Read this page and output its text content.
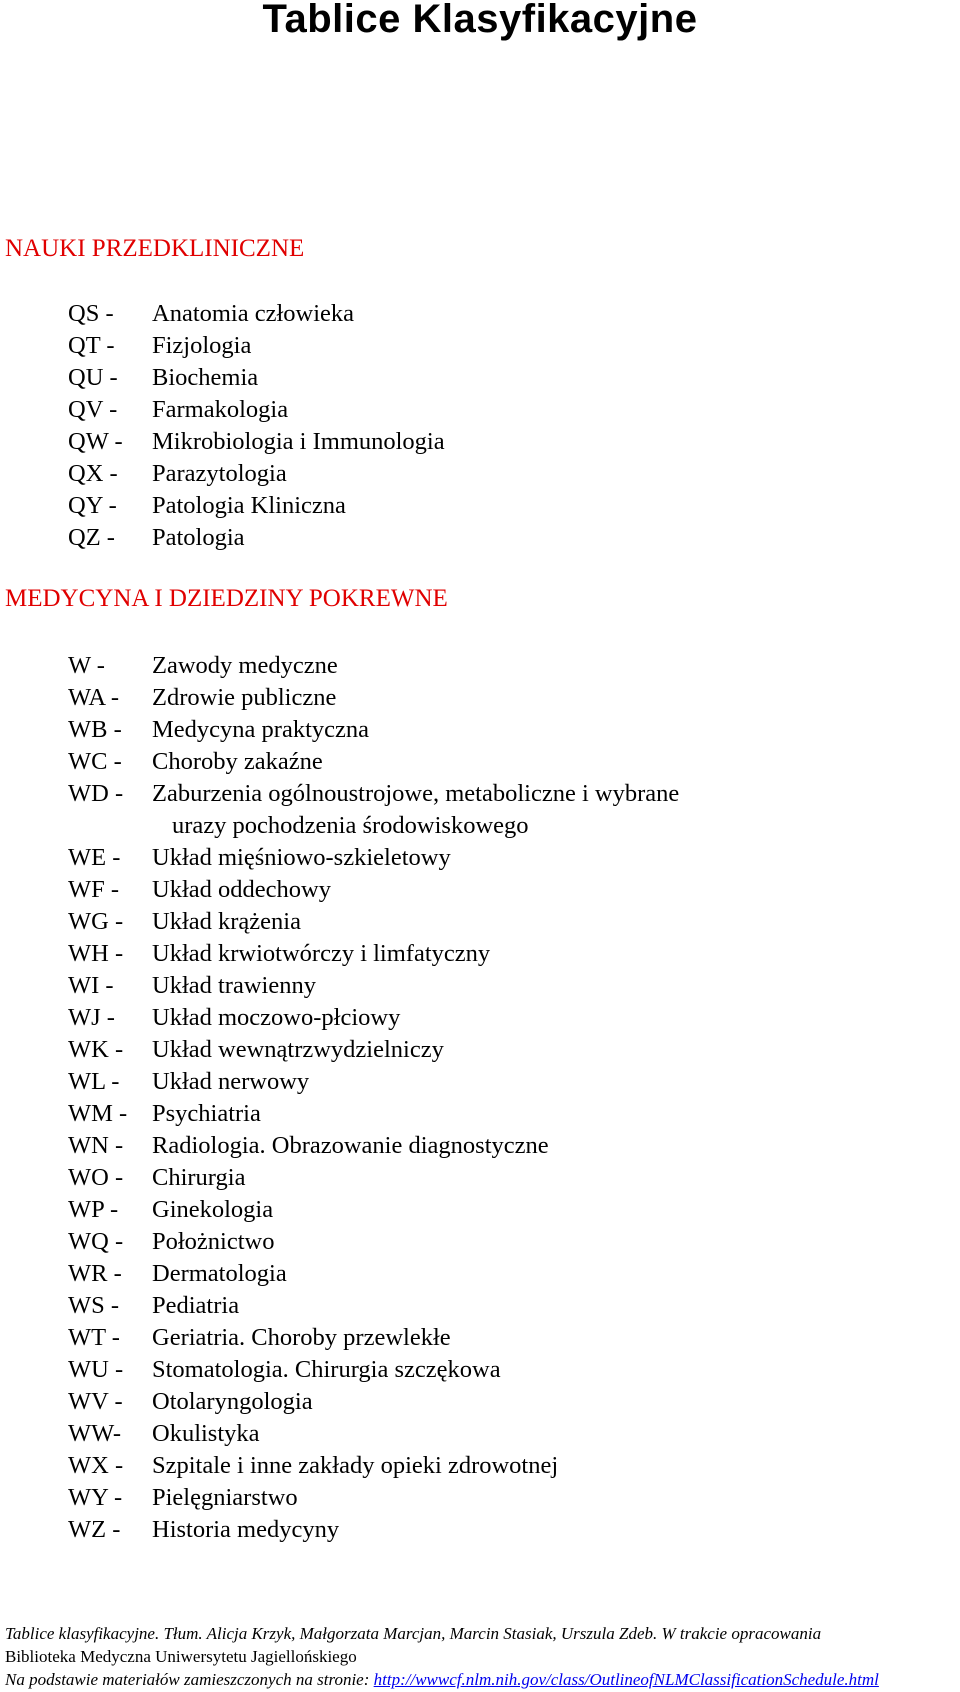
Tablice Klasyfikacyjne
NAUKI PRZEDKLINICZNE
QS - Anatomia człowieka
QT - Fizjologia
QU - Biochemia
QV - Farmakologia
QW - Mikrobiologia i Immunologia
QX - Parazytologia
QY - Patologia Kliniczna
QZ - Patologia
MEDYCYNA I DZIEDZINY POKREWNE
W - Zawody medyczne
WA - Zdrowie publiczne
WB - Medycyna praktyczna
WC - Choroby zakaźne
WD - Zaburzenia ogólnoustrojowe, metaboliczne i wybrane
urazy pochodzenia środowiskowego
WE - Układ mięśniowo-szkieletowy
WF - Układ oddechowy
WG - Układ krążenia
WH - Układ krwiotwórczy i limfatyczny
WI - Układ trawienny
WJ - Układ moczowo-płciowy
WK - Układ wewnątrzwydzielniczy
WL - Układ nerwowy
WM - Psychiatria
WN - Radiologia. Obrazowanie diagnostyczne
WO - Chirurgia
WP - Ginekologia
WQ - Położnictwo
WR - Dermatologia
WS - Pediatria
WT - Geriatria. Choroby przewlekłe
WU - Stomatologia. Chirurgia szczękowa
WV - Otolaryngologia
WW- Okulistyka
WX - Szpitale i inne zakłady opieki zdrowotnej
WY - Pielęgniarstwo
WZ - Historia medycyny
Tablice klasyfikacyjne. Tłum. Alicja Krzyk, Małgorzata Marcjan, Marcin Stasiak, Urszula Zdeb. W trakcie opracowania
Biblioteka Medyczna Uniwersytetu Jagiellońskiego
Na podstawie materiałów zamieszczonych na stronie: http://wwwcf.nlm.nih.gov/class/OutlineofNLMClassificationSchedule.html
